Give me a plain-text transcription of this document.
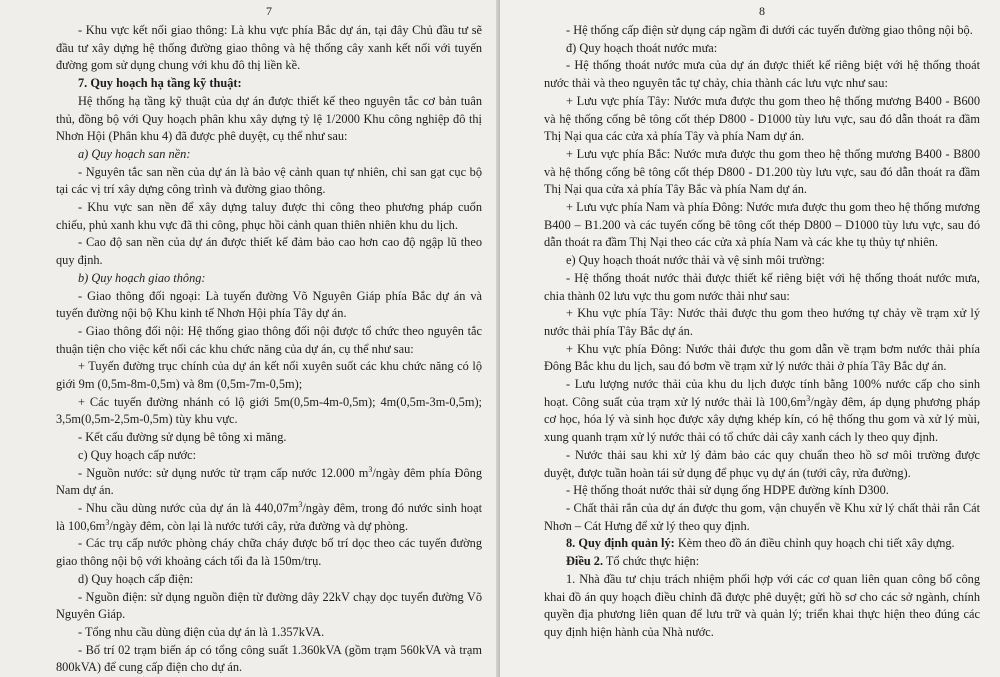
7

- Khu vực kết nối giao thông: Là khu vực phía Bắc dự án, tại đây Chủ đầu tư sẽ đầu tư xây dựng hệ thống đường giao thông và hệ thống cây xanh kết nối với tuyến đường gom sử dụng chung với khu đô thị liền kề.

7. Quy hoạch hạ tầng kỹ thuật:

Hệ thống hạ tầng kỹ thuật của dự án được thiết kế theo nguyên tắc cơ bản tuân thủ, đồng bộ với Quy hoạch phân khu xây dựng tỷ lệ 1/2000 Khu công nghiệp đô thị Nhơn Hội (Phân khu 4) đã được phê duyệt, cụ thể như sau:

a) Quy hoạch san nền:

- Nguyên tắc san nền của dự án là bảo vệ cảnh quan tự nhiên, chỉ san gạt cục bộ tại các vị trí xây dựng công trình và đường giao thông.

- Khu vực san nền để xây dựng taluy được thi công theo phương pháp cuốn chiếu, phủ xanh khu vực đã thi công, phục hồi cảnh quan thiên nhiên khu du lịch.

- Cao độ san nền của dự án được thiết kế đảm bảo cao hơn cao độ ngập lũ theo quy định.

b) Quy hoạch giao thông:

- Giao thông đối ngoại: Là tuyến đường Võ Nguyên Giáp phía Bắc dự án và tuyến đường nội bộ Khu kinh tế Nhơn Hội phía Tây dự án.

- Giao thông đối nội: Hệ thống giao thông đối nội được tổ chức theo nguyên tắc thuận tiện cho việc kết nối các khu chức năng của dự án, cụ thể như sau:

+ Tuyến đường trục chính của dự án kết nối xuyên suốt các khu chức năng có lộ giới 9m (0,5m-8m-0,5m) và 8m (0,5m-7m-0,5m);

+ Các tuyến đường nhánh có lộ giới 5m(0,5m-4m-0,5m); 4m(0,5m-3m-0,5m); 3,5m(0,5m-2,5m-0,5m) tùy khu vực.

- Kết cấu đường sử dụng bê tông xi măng.

c) Quy hoạch cấp nước:

- Nguồn nước: sử dụng nước từ trạm cấp nước 12.000 $m^3$/ngày đêm phía Đông Nam dự án.

- Nhu cầu dùng nước của dự án là $440,07m^3$/ngày đêm, trong đó nước sinh hoạt là $100,6m^3$/ngày đêm, còn lại là nước tưới cây, rửa đường và dự phòng.

- Các trụ cấp nước phòng cháy chữa cháy được bố trí dọc theo các tuyến đường giao thông nội bộ với khoảng cách tối đa là 150m/trụ.

d) Quy hoạch cấp điện:

- Nguồn điện: sử dụng nguồn điện từ đường dây 22kV chạy dọc tuyến đường Võ Nguyên Giáp.

- Tổng nhu cầu dùng điện của dự án là 1.357kVA.

- Bố trí 02 trạm biến áp có tổng công suất 1.360kVA (gồm trạm 560kVA và trạm 800kVA) để cung cấp điện cho dự án.

8

- Hệ thống cấp điện sử dụng cáp ngầm đi dưới các tuyến đường giao thông nội bộ.

đ) Quy hoạch thoát nước mưa:

- Hệ thống thoát nước mưa của dự án được thiết kế riêng biệt với hệ thống thoát nước thải và theo nguyên tắc tự chảy, chia thành các lưu vực như sau:

+ Lưu vực phía Tây: Nước mưa được thu gom theo hệ thống mương B400 - B600 và hệ thống cống bê tông cốt thép D800 - D1000 tùy lưu vực, sau đó dẫn thoát ra đầm Thị Nại qua các cửa xả phía Tây và phía Nam dự án.

+ Lưu vực phía Bắc: Nước mưa được thu gom theo hệ thống mương B400 - B800 và hệ thống cống bê tông cốt thép D800 - D1.200 tùy lưu vực, sau đó dẫn thoát ra đầm Thị Nại qua cửa xả phía Tây Bắc và phía Nam dự án.

+ Lưu vực phía Nam và phía Đông: Nước mưa được thu gom theo hệ thống mương B400 – B1.200 và các tuyến cống bê tông cốt thép D800 – D1000 tùy lưu vực, sau đó dẫn thoát ra đầm Thị Nại theo các cửa xả phía Nam và các khe tụ thủy tự nhiên.

e) Quy hoạch thoát nước thải và vệ sinh môi trường:

- Hệ thống thoát nước thải được thiết kế riêng biệt với hệ thống thoát nước mưa, chia thành 02 lưu vực thu gom nước thải như sau:

+ Khu vực phía Tây: Nước thải được thu gom theo hướng tự chảy về trạm xử lý nước thải phía Tây Bắc dự án.

+ Khu vực phía Đông: Nước thải được thu gom dẫn về trạm bơm nước thải phía Đông Bắc khu du lịch, sau đó bơm về trạm xử lý nước thải ở phía Tây Bắc dự án.

- Lưu lượng nước thải của khu du lịch được tính bằng 100% nước cấp cho sinh hoạt. Công suất của trạm xử lý nước thải là $100,6m^3$/ngày đêm, áp dụng phương pháp cơ học, hóa lý và sinh học được xây dựng khép kín, có hệ thống thu gom và xử lý mùi, xung quanh trạm xử lý nước thải có tổ chức dải cây xanh cách ly theo quy định.

- Nước thải sau khi xử lý đảm bảo các quy chuẩn theo hồ sơ môi trường được duyệt, được tuần hoàn tái sử dụng để phục vụ dự án (tưới cây, rửa đường).

- Hệ thống thoát nước thải sử dụng ống HDPE đường kính D300.

- Chất thải rắn của dự án được thu gom, vận chuyển về Khu xử lý chất thải rắn Cát Nhơn – Cát Hưng để xử lý theo quy định.

8. Quy định quản lý: Kèm theo đồ án điều chỉnh quy hoạch chi tiết xây dựng.

Điều 2. Tổ chức thực hiện:

1. Nhà đầu tư chịu trách nhiệm phối hợp với các cơ quan liên quan công bố công khai đồ án quy hoạch điều chỉnh đã được phê duyệt; gửi hồ sơ cho các sở ngành, chính quyền địa phương liên quan để lưu trữ và quản lý; triển khai thực hiện theo đúng các quy định hiện hành của Nhà nước.
